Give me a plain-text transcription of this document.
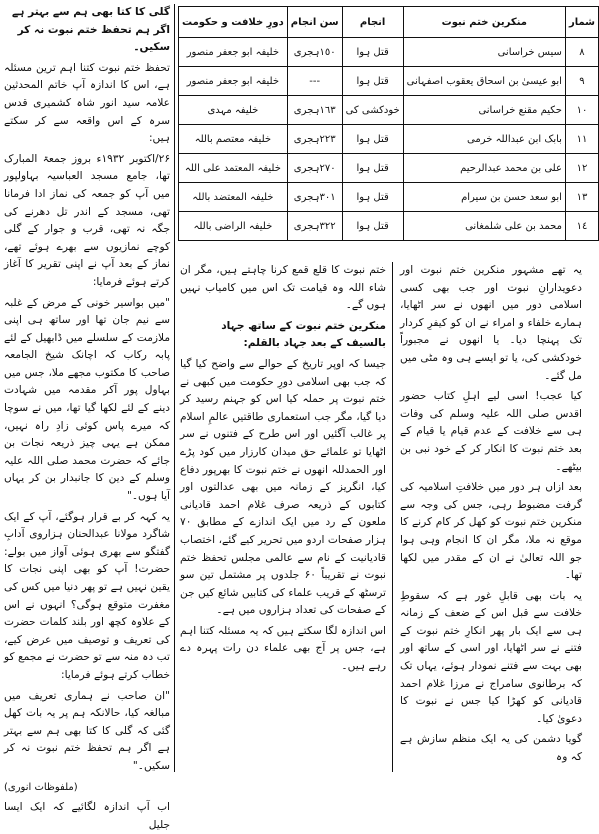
شمار	منکرین ختم نبوت	انجام	سن انجام	دورِ خلافت و حکومت
٨	سیس خراسانی	قتل ہوا	١٥٠ہجری	خلیفہ ابو جعفر منصور
٩	ابو عیسیٰ بن اسحاق یعقوب اصفہانی	قتل ہوا	---	خلیفہ ابو جعفر منصور
١٠	حکیم مقنع خراسانی	خودکشی کی	١٦٣ہجری	خلیفہ مہدی
١١	بابک ابن عبداللہ خرمی	قتل ہوا	٢٢٣ہجری	خلیفہ معتصم باللہ
١٢	علی بن محمد عبدالرحیم	قتل ہوا	٢٧٠ہجری	خلیفہ المعتمد علی اللہ
١٣	ابو سعد حسن بن سیرام	قتل ہوا	٣٠١ہجری	خلیفہ المعتضد باللہ
١٤	محمد بن علی شلمغانی	قتل ہوا	٣٢٢ہجری	خلیفہ الراضی باللہ

گلی کا کتا بھی ہم سے بہتر ہے اگر ہم تحفظ ختم نبوت نہ کر سکیں۔

تحفظ ختم نبوت کتنا اہم ترین مسئلہ ہے، اس کا اندازہ آپ خاتم المحدثین علامہ سید انور شاہ کشمیری قدس سرہ کے اس واقعہ سے کر سکتے ہیں:

۲۶/اکتوبر ۱۹۳۲ء بروز جمعۃ المبارک تھا، جامع مسجد العباسیہ بہاولپور میں آپ کو جمعہ کی نماز ادا فرمانا تھی، مسجد کے اندر تل دھرنے کی جگہ نہ تھی، قرب و جوار کے گلی کوچے نمازیوں سے بھرے ہوئے تھے، نماز کے بعد آپ نے اپنی تقریر کا آغاز کرتے ہوئے فرمایا:

"میں بواسیر خونی کے مرض کے غلبہ سے نیم جان تھا اور ساتھ ہی اپنی ملازمت کے سلسلے میں ڈابھیل کے لئے پابہ رکاب کہ اچانک شیخ الجامعہ صاحب کا مکتوب مجھے ملا، جس میں بہاول پور آکر مقدمہ میں شہادت دینے کے لئے لکھا گیا تھا، میں نے سوچا کہ میرے پاس کوئی زادِ راہ نہیں، ممکن ہے یہی چیز ذریعہ نجات بن جائے کہ حضرت محمد صلی اللہ علیہ وسلم کے دین کا جانبدار بن کر یہاں آیا ہوں۔"

یہ کہہ کر بے قرار ہوگئے، آپ کے ایک شاگرد مولانا عبدالحنان ہزاروی آدابِ گفتگو سے بھری ہوئی آواز میں بولے: حضرت! آپ کو بھی اپنی نجات کا یقین نہیں ہے تو پھر دنیا میں کس کی مغفرت متوقع ہوگی؟ انہوں نے اس کے علاوہ کچھ اور بلند کلمات حضرت کی تعریف و توصیف میں عرض کیے، تب دہ منہ سے تو حضرت نے مجمع کو خطاب کرتے ہوئے فرمایا:

"ان صاحب نے ہماری تعریف میں مبالغہ کیا، حالانکہ ہم پر یہ بات کھل گئی کہ گلی کا کتا بھی ہم سے بہتر ہے اگر ہم تحفظ ختم نبوت نہ کر سکیں۔"

(ملفوظات انوری)

اب آپ اندازہ لگائیے کہ ایک ایسا جلیل

یہ تھے مشہور منکرین ختم نبوت اور دعویدارانِ نبوت اور جب بھی کسی اسلامی دور میں انھوں نے سر اٹھایا، ہمارے خلفاء و امراء نے ان کو کیفرِ کردار تک پہنچا دیا۔ یا انھوں نے مجبوراً خودکشی کی، یا تو ایسے ہی وہ مٹی میں مل گئے۔

کیا عجب! اسی لیے اہلِ کتاب حضور اقدس صلی اللہ علیہ وسلم کی وفات ہی سے خلافت کے عدم قیام یا قیام کے بعد ختم نبوت کا انکار کر کے خود نبی بن بیٹھے۔

بعد ازاں ہر دور میں خلافتِ اسلامیہ کی گرفت مضبوط رہی، جس کی وجہ سے منکرین ختم نبوت کو کھل کر کام کرنے کا موقع نہ ملا، مگر ان کا انجام وہی ہوا جو اللہ تعالیٰ نے ان کے مقدر میں لکھا تھا۔

یہ بات بھی قابلِ غور ہے کہ سقوطِ خلافت سے قبل اس کے ضعف کے زمانہ ہی سے ایک بار پھر انکارِ ختم نبوت کے فتنے نے سر اٹھایا، اور اسی کے ساتھ اور بھی بہت سے فتنے نمودار ہوئے، یہاں تک کہ برطانوی سامراج نے مرزا غلام احمد قادیانی کو کھڑا کیا جس نے نبوت کا دعویٰ کیا۔

گویا دشمن کی یہ ایک منظم سازش ہے کہ وہ

ختم نبوت کا قلع قمع کرنا چاہتے ہیں، مگر ان شاء اللہ وہ قیامت تک اس میں کامیاب نہیں ہوں گے۔

منکرین ختم نبوت کے ساتھ جہاد بالسیف کے بعد جہاد بالقلم:

جیسا کہ اوپر تاریخ کے حوالے سے واضح کیا گیا کہ جب بھی اسلامی دورِ حکومت میں کبھی نے ختم نبوت پر حملہ کیا اس کو جہنم رسید کر دیا گیا، مگر جب استعماری طاقتیں عالمِ اسلام پر غالب آگئیں اور اس طرح کے فتنوں نے سر اٹھایا تو علمائے حق میدان کارزار میں کود پڑے اور الحمدللہ انھوں نے ختم نبوت کا بھرپور دفاع کیا، انگریز کے زمانہ میں بھی عدالتوں اور کتابوں کے ذریعہ صرف غلام احمد قادیانی ملعون کے رد میں ایک اندازے کے مطابق ۷۰ ہزار صفحات اردو میں تحریر کیے گئے، اختصاب قادیانیت کے نام سے عالمی مجلس تحفظ ختم نبوت نے تقریباً ۶۰ جلدوں پر مشتمل تین سو ترسٹھ کے قریب علماء کی کتابیں شائع کیں جن کے صفحات کی تعداد ہزاروں میں ہے۔

اس اندازہ لگا سکتے ہیں کہ یہ مسئلہ کتنا اہم ہے، جس پر آج بھی علماء دن رات پہرہ دے رہے ہیں۔
